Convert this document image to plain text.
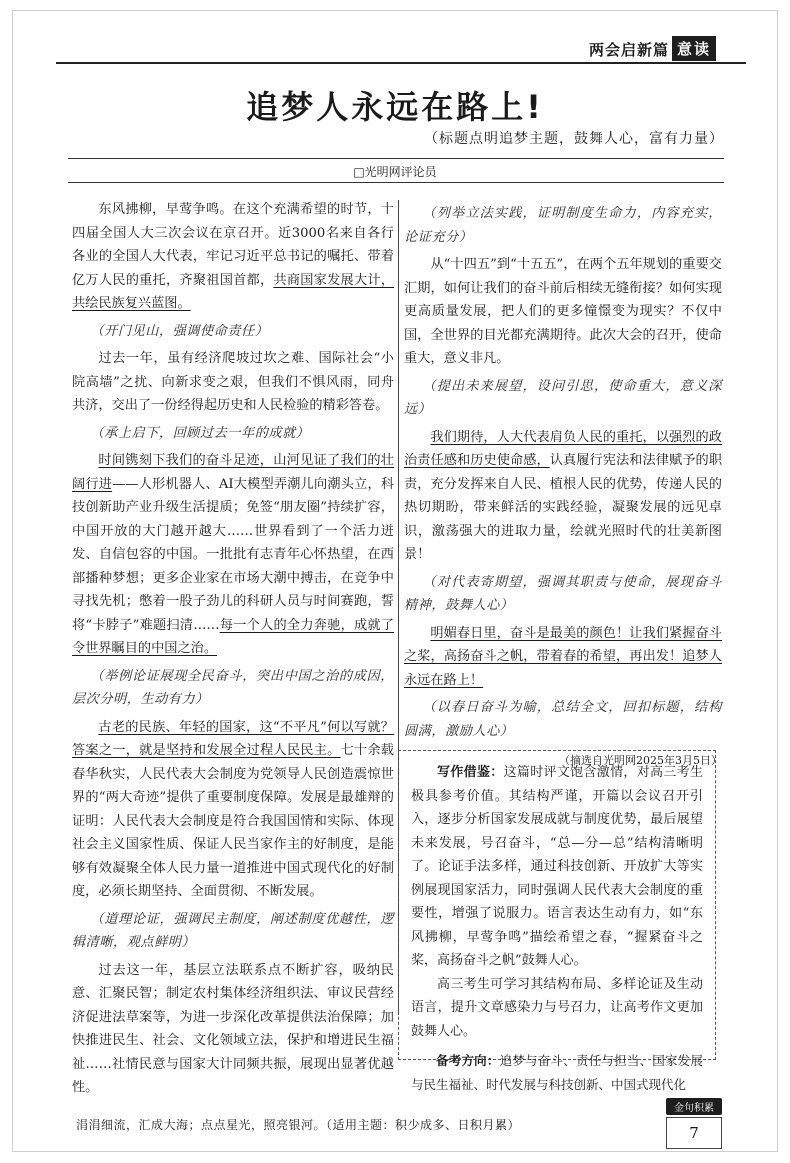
两会启新篇 意读
追梦人永远在路上!
（标题点明追梦主题，鼓舞人心，富有力量）
□光明网评论员

东风拂柳，早莺争鸣。在这个充满希望的时节，十四届全国人大三次会议在京召开。近3000名来自各行各业的全国人大代表，牢记习近平总书记的嘱托、带着亿万人民的重托，齐聚祖国首都，共商国家发展大计，共绘民族复兴蓝图。

（开门见山，强调使命责任）

过去一年，虽有经济爬坡过坎之难、国际社会“小院高墙”之扰、向新求变之艰，但我们不惧风雨，同舟共济，交出了一份经得起历史和人民检验的精彩答卷。

（承上启下，回顾过去一年的成就）

时间镌刻下我们的奋斗足迹，山河见证了我们的壮阔行进——人形机器人、AI大模型弄潮儿向潮头立，科技创新助产业升级生活提质；免签“朋友圈”持续扩容，中国开放的大门越开越大……世界看到了一个活力迸发、自信包容的中国。一批批有志青年心怀热望，在西部播种梦想；更多企业家在市场大潮中搏击，在竞争中寻找先机；憋着一股子劲儿的科研人员与时间赛跑，誓将“卡脖子”难题扫清……每一个人的全力奔驰，成就了令世界瞩目的中国之治。

（举例论证展现全民奋斗，突出中国之治的成因，层次分明，生动有力）

古老的民族、年轻的国家，这“不平凡”何以写就？答案之一，就是坚持和发展全过程人民民主。七十余载春华秋实，人民代表大会制度为党领导人民创造震惊世界的“两大奇迹”提供了重要制度保障。发展是最雄辩的证明：人民代表大会制度是符合我国国情和实际、体现社会主义国家性质、保证人民当家作主的好制度，是能够有效凝聚全体人民力量一道推进中国式现代化的好制度，必须长期坚持、全面贯彻、不断发展。

（道理论证，强调民主制度，阐述制度优越性，逻辑清晰，观点鲜明）

过去这一年，基层立法联系点不断扩容，吸纳民意、汇聚民智；制定农村集体经济组织法、审议民营经济促进法草案等，为进一步深化改革提供法治保障；加快推进民生、社会、文化领域立法，保护和增进民生福祉……社情民意与国家大计同频共振，展现出显著优越性。

（列举立法实践，证明制度生命力，内容充实，论证充分）

从“十四五”到“十五五”，在两个五年规划的重要交汇期，如何让我们的奋斗前后相续无缝衔接？如何实现更高质量发展，把人们的更多憧憬变为现实？不仅中国，全世界的目光都充满期待。此次大会的召开，使命重大，意义非凡。

（提出未来展望，设问引思，使命重大，意义深远）

我们期待，人大代表肩负人民的重托，以强烈的政治责任感和历史使命感，认真履行宪法和法律赋予的职责，充分发挥来自人民、植根人民的优势，传递人民的热切期盼，带来鲜活的实践经验，凝聚发展的远见卓识，激荡强大的进取力量，绘就光照时代的壮美新图景！

（对代表寄期望，强调其职责与使命，展现奋斗精神，鼓舞人心）

明媚春日里，奋斗是最美的颜色！让我们紧握奋斗之桨，高扬奋斗之帆，带着春的希望，再出发！追梦人永远在路上！

（以春日奋斗为喻，总结全文，回扣标题，结构圆满，激励人心）

（摘选自光明网2025年3月5日）

写作借鉴：这篇时评文饱含激情，对高三考生极具参考价值。其结构严谨，开篇以会议召开引入，逐步分析国家发展成就与制度优势，最后展望未来发展，号召奋斗，“总—分—总”结构清晰明了。论证手法多样，通过科技创新、开放扩大等实例展现国家活力，同时强调人民代表大会制度的重要性，增强了说服力。语言表达生动有力，如“东风拂柳，早莺争鸣”描绘希望之春，“握紧奋斗之桨，高扬奋斗之帆”鼓舞人心。

高三考生可学习其结构布局、多样论证及生动语言，提升文章感染力与号召力，让高考作文更加鼓舞人心。

备考方向：追梦与奋斗、责任与担当、国家发展与民生福祉、时代发展与科技创新、中国式现代化

涓涓细流，汇成大海；点点星光，照亮银河。（适用主题：积少成多、日积月累）
金句积累
7
